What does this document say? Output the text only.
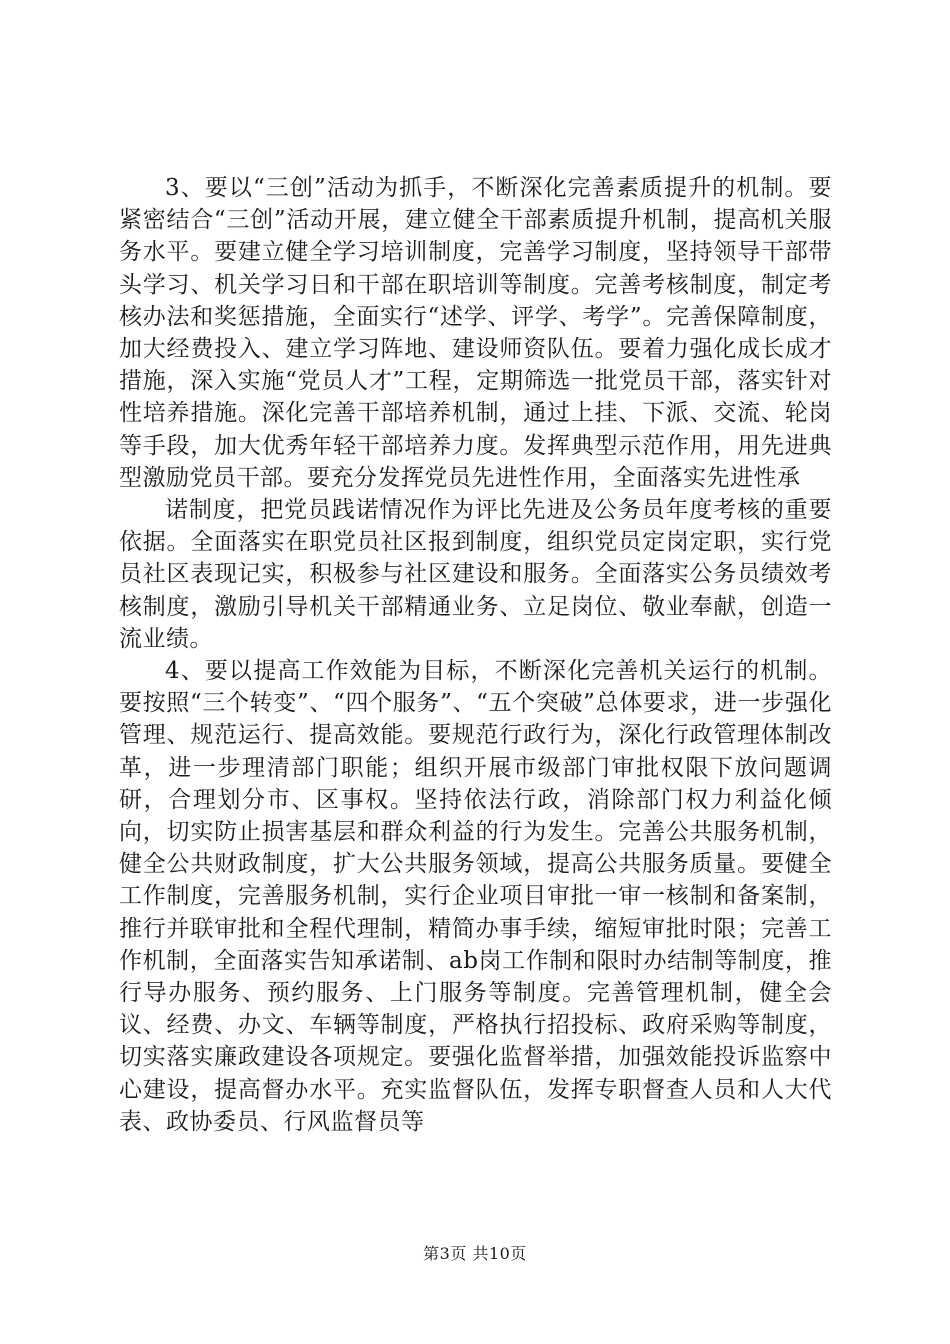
3、要以“三创”活动为抓手，不断深化完善素质提升的机制。要紧密结合“三创”活动开展，建立健全干部素质提升机制，提高机关服务水平。要建立健全学习培训制度，完善学习制度，坚持领导干部带头学习、机关学习日和干部在职培训等制度。完善考核制度，制定考核办法和奖惩措施，全面实行“述学、评学、考学”。完善保障制度，加大经费投入、建立学习阵地、建设师资队伍。要着力强化成长成才措施，深入实施“党员人才”工程，定期筛选一批党员干部，落实针对性培养措施。深化完善干部培养机制，通过上挂、下派、交流、轮岗等手段，加大优秀年轻干部培养力度。发挥典型示范作用，用先进典型激励党员干部。要充分发挥党员先进性作用，全面落实先进性承

诺制度，把党员践诺情况作为评比先进及公务员年度考核的重要依据。全面落实在职党员社区报到制度，组织党员定岗定职，实行党员社区表现记实，积极参与社区建设和服务。全面落实公务员绩效考核制度，激励引导机关干部精通业务、立足岗位、敬业奉献，创造一流业绩。

4、要以提高工作效能为目标，不断深化完善机关运行的机制。要按照“三个转变”、“四个服务”、“五个突破”总体要求，进一步强化管理、规范运行、提高效能。要规范行政行为，深化行政管理体制改革，进一步理清部门职能；组织开展市级部门审批权限下放问题调研，合理划分市、区事权。坚持依法行政，消除部门权力利益化倾向，切实防止损害基层和群众利益的行为发生。完善公共服务机制，健全公共财政制度，扩大公共服务领域，提高公共服务质量。要健全工作制度，完善服务机制，实行企业项目审批一审一核制和备案制，推行并联审批和全程代理制，精简办事手续，缩短审批时限；完善工作机制，全面落实告知承诺制、ab岗工作制和限时办结制等制度，推行导办服务、预约服务、上门服务等制度。完善管理机制，健全会议、经费、办文、车辆等制度，严格执行招投标、政府采购等制度，切实落实廉政建设各项规定。要强化监督举措，加强效能投诉监察中心建设，提高督办水平。充实监督队伍，发挥专职督查人员和人大代表、政协委员、行风监督员等

第3页 共10页
